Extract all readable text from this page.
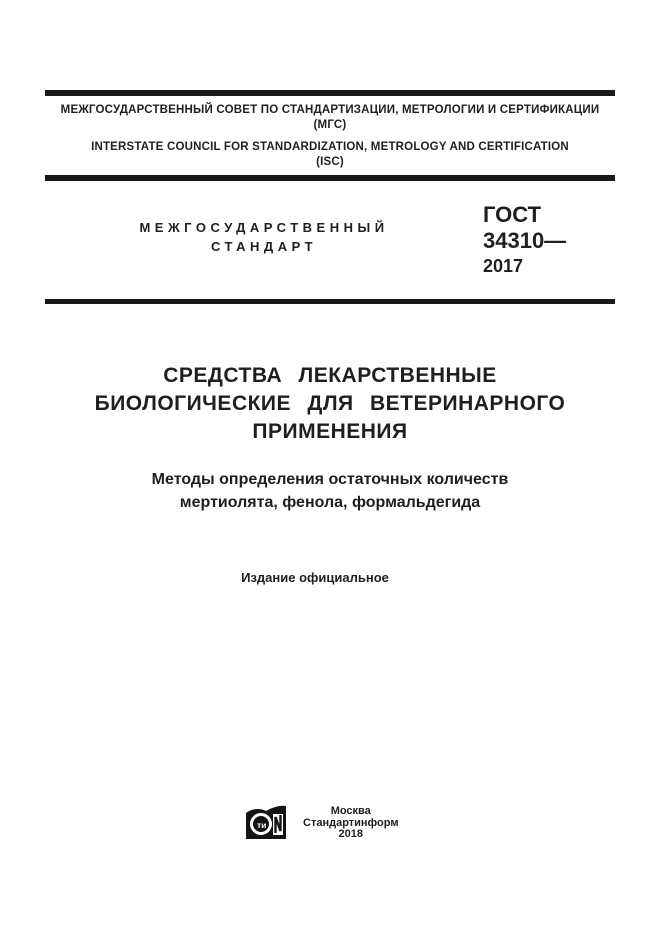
МЕЖГОСУДАРСТВЕННЫЙ СОВЕТ ПО СТАНДАРТИЗАЦИИ, МЕТРОЛОГИИ И СЕРТИФИКАЦИИ
(МГС)
INTERSTATE COUNCIL FOR STANDARDIZATION, METROLOGY AND CERTIFICATION
(ISC)
МЕЖГОСУДАРСТВЕННЫЙ
СТАНДАРТ
ГОСТ
34310—
2017
СРЕДСТВА ЛЕКАРСТВЕННЫЕ
БИОЛОГИЧЕСКИЕ ДЛЯ ВЕТЕРИНАРНОГО
ПРИМЕНЕНИЯ
Методы определения остаточных количеств
мертиолята, фенола, формальдегида
Издание официальное
ти
Москва
Стандартинформ
2018
